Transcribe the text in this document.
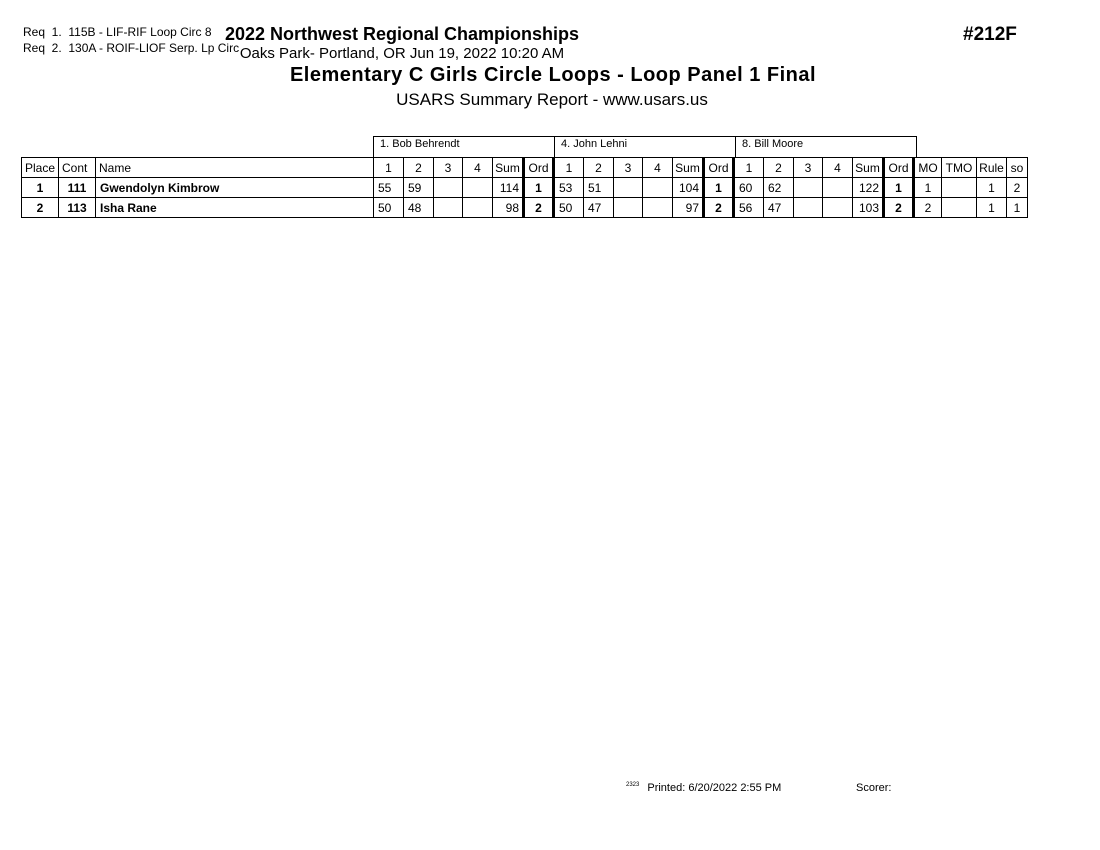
Req  1.  115B - LIF-RIF Loop Circ 8
Req  2.  130A - ROIF-LIOF Serp. Lp Circ
2022 Northwest Regional Championships
Oaks Park- Portland, OR Jun 19, 2022 10:20 AM
Elementary C Girls Circle Loops - Loop Panel 1 Final
USARS Summary Report - www.usars.us
#212F
1. Bob Behrendt	4. John Lehni	8. Bill Moore
Place	Cont	Name	1	2	3	4	Sum	Ord	1	2	3	4	Sum	Ord	1	2	3	4	Sum	Ord	MO	TMO	Rule	so
1	111	Gwendolyn Kimbrow	55	59			114	1	53	51			104	1	60	62			122	1	1		1	2
2	113	Isha Rane	50	48			98	2	50	47			97	2	56	47			103	2	2		1	1
$^{2323}$ Printed: 6/20/2022 2:55 PM	Scorer:
